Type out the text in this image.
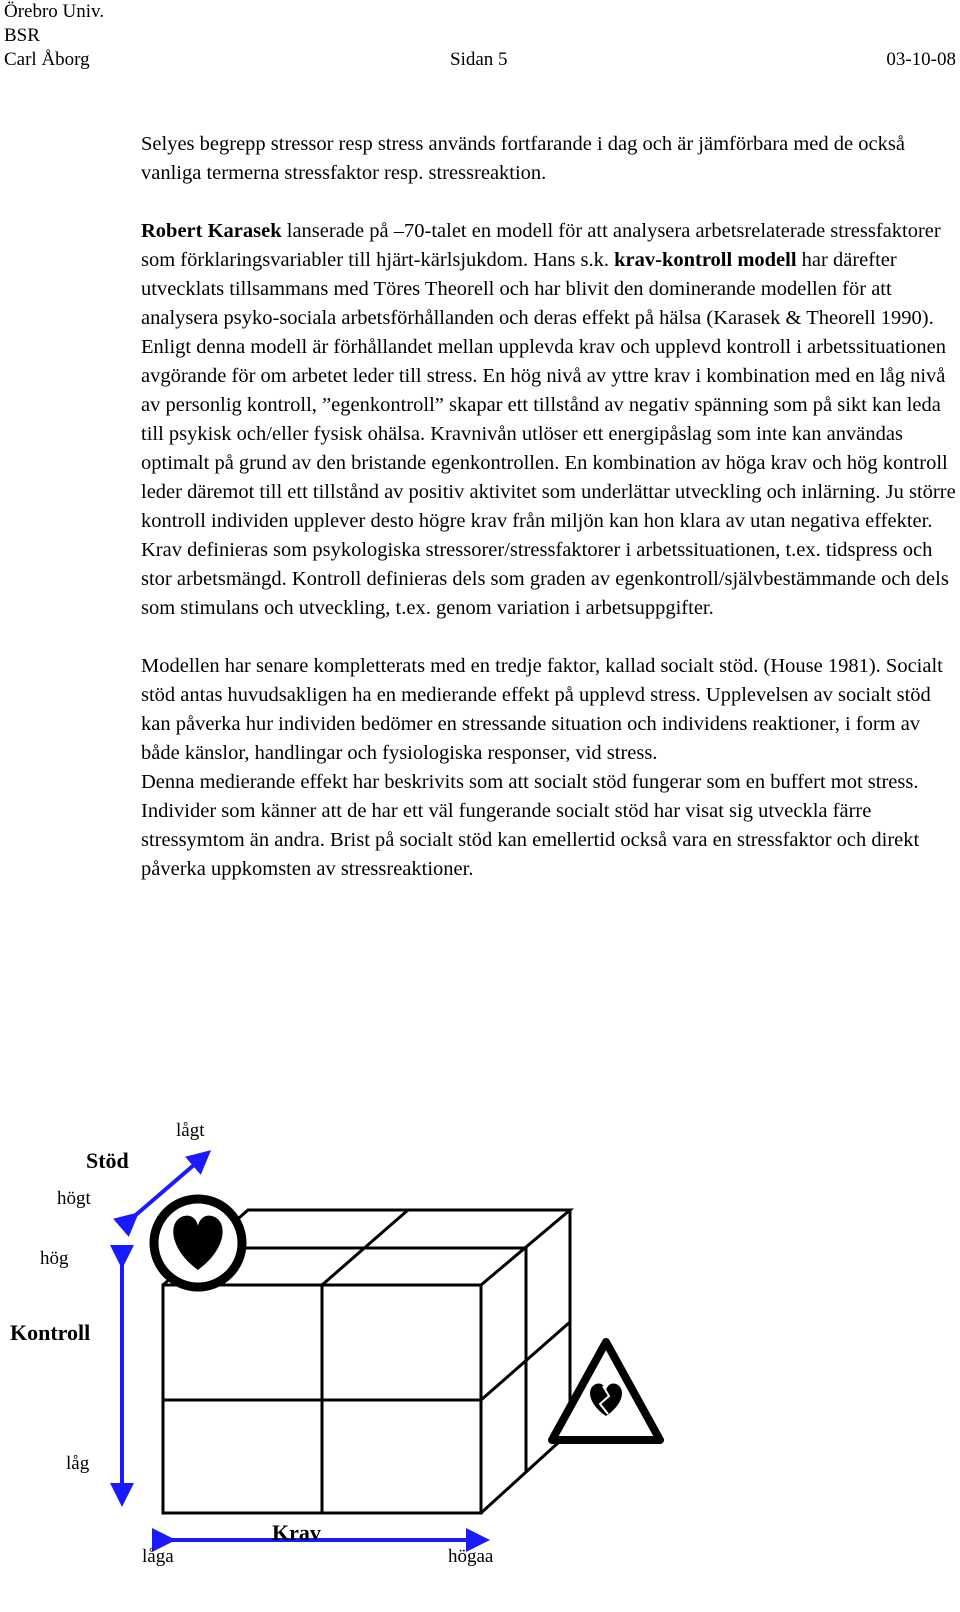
Örebro Univ.
BSR
Carl Åborg	Sidan 5	03-10-08

Selyes begrepp stressor resp stress används fortfarande i dag och är jämförbara med de också vanliga termerna stressfaktor resp. stressreaktion.

Robert Karasek lanserade på –70-talet en modell för att analysera arbetsrelaterade stressfaktorer som förklaringsvariabler till hjärt-kärlsjukdom. Hans s.k. krav-kontroll modell har därefter utvecklats tillsammans med Töres Theorell och har blivit den dominerande modellen för att analysera psyko-sociala arbetsförhållanden och deras effekt på hälsa (Karasek & Theorell 1990). Enligt denna modell är förhållandet mellan upplevda krav och upplevd kontroll i arbetssituationen avgörande för om arbetet leder till stress. En hög nivå av yttre krav i kombination med en låg nivå av personlig kontroll, ”egenkontroll” skapar ett tillstånd av negativ spänning som på sikt kan leda till psykisk och/eller fysisk ohälsa. Kravnivån utlöser ett energipåslag som inte kan användas optimalt på grund av den bristande egenkontrollen. En kombination av höga krav och hög kontroll leder däremot till ett tillstånd av positiv aktivitet som underlättar utveckling och inlärning. Ju större kontroll individen upplever desto högre krav från miljön kan hon klara av utan negativa effekter. Krav definieras som psykologiska stressorer/stressfaktorer i arbetssituationen, t.ex. tidspress och stor arbetsmängd. Kontroll definieras dels som graden av egenkontroll/självbestämmande och dels som stimulans och utveckling, t.ex. genom variation i arbetsuppgifter.

Modellen har senare kompletterats med en tredje faktor, kallad socialt stöd. (House 1981). Socialt stöd antas huvudsakligen ha en medierande effekt på upplevd stress. Upplevelsen av socialt stöd kan påverka hur individen bedömer en stressande situation och individens reaktioner, i form av både känslor, handlingar och fysiologiska responser, vid stress.

Denna medierande effekt har beskrivits som att socialt stöd fungerar som en buffert mot stress. Individer som känner att de har ett väl fungerande socialt stöd har visat sig utveckla färre stressymtom än andra. Brist på socialt stöd kan emellertid också vara en stressfaktor och direkt påverka uppkomsten av stressreaktioner.

lågt
Stöd
högt
hög
Kontroll
låg
Krav
låga	högaa
